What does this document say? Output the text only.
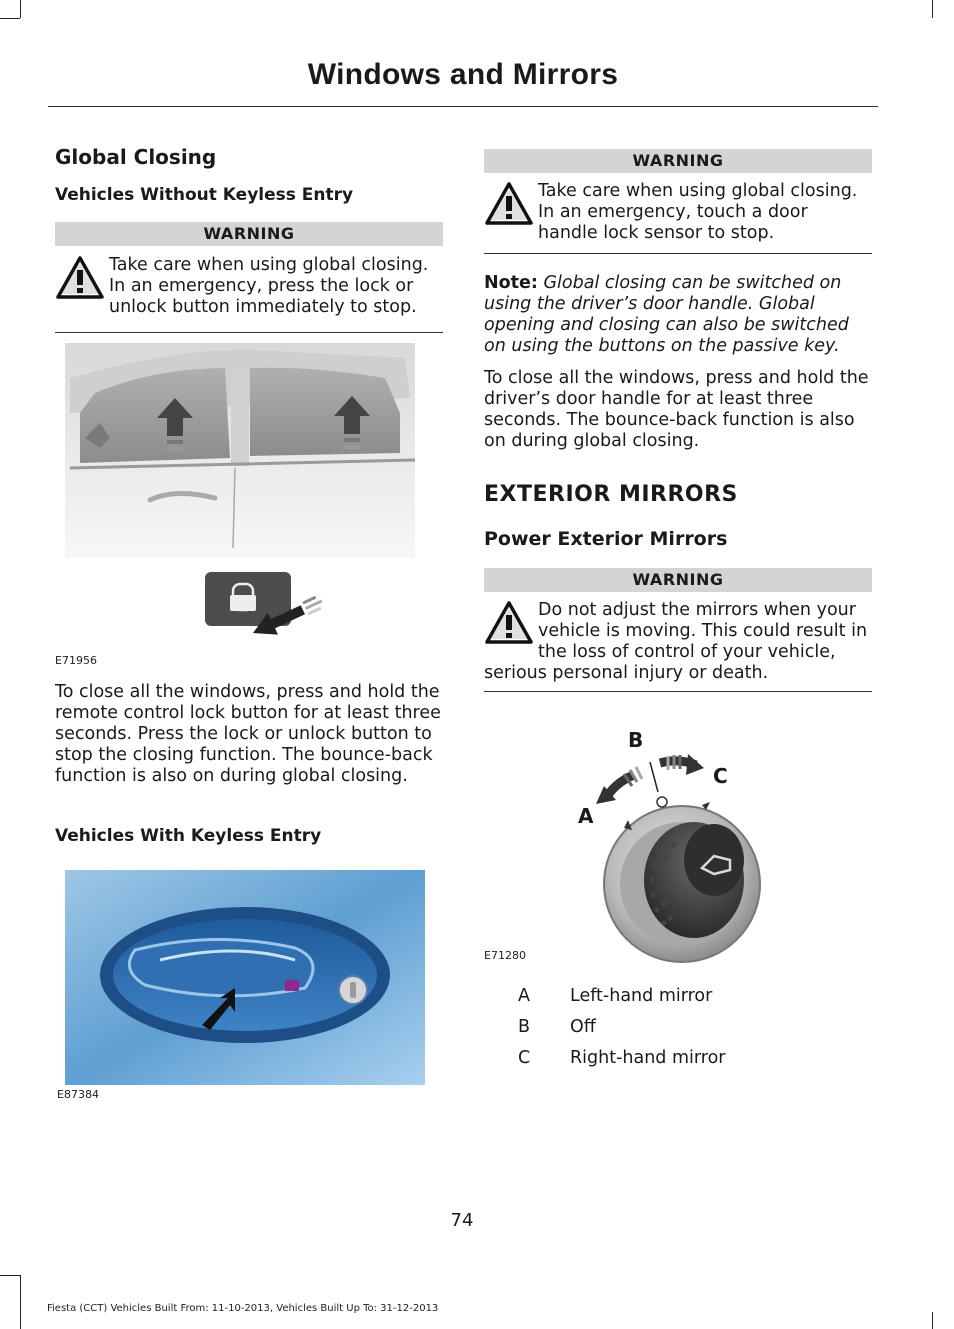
Windows and Mirrors
Global Closing
Vehicles Without Keyless Entry
WARNING
Take care when using global closing. In an emergency, press the lock or unlock button immediately to stop.
E71956

To close all the windows, press and hold the remote control lock button for at least three seconds. Press the lock or unlock button to stop the closing function. The bounce-back function is also on during global closing.

Vehicles With Keyless Entry
E87384
WARNING
Take care when using global closing. In an emergency, touch a door handle lock sensor to stop.

Note: Global closing can be switched on using the driver’s door handle. Global opening and closing can also be switched on using the buttons on the passive key.

To close all the windows, press and hold the driver’s door handle for at least three seconds. The bounce-back function is also on during global closing.

EXTERIOR MIRRORS
Power Exterior Mirrors
WARNING
Do not adjust the mirrors when your vehicle is moving. This could result in the loss of control of your vehicle, serious personal injury or death.
B
C
A
E71280
A Left-hand mirror
B Off
C Right-hand mirror
74
Fiesta (CCT) Vehicles Built From: 11-10-2013, Vehicles Built Up To: 31-12-2013
